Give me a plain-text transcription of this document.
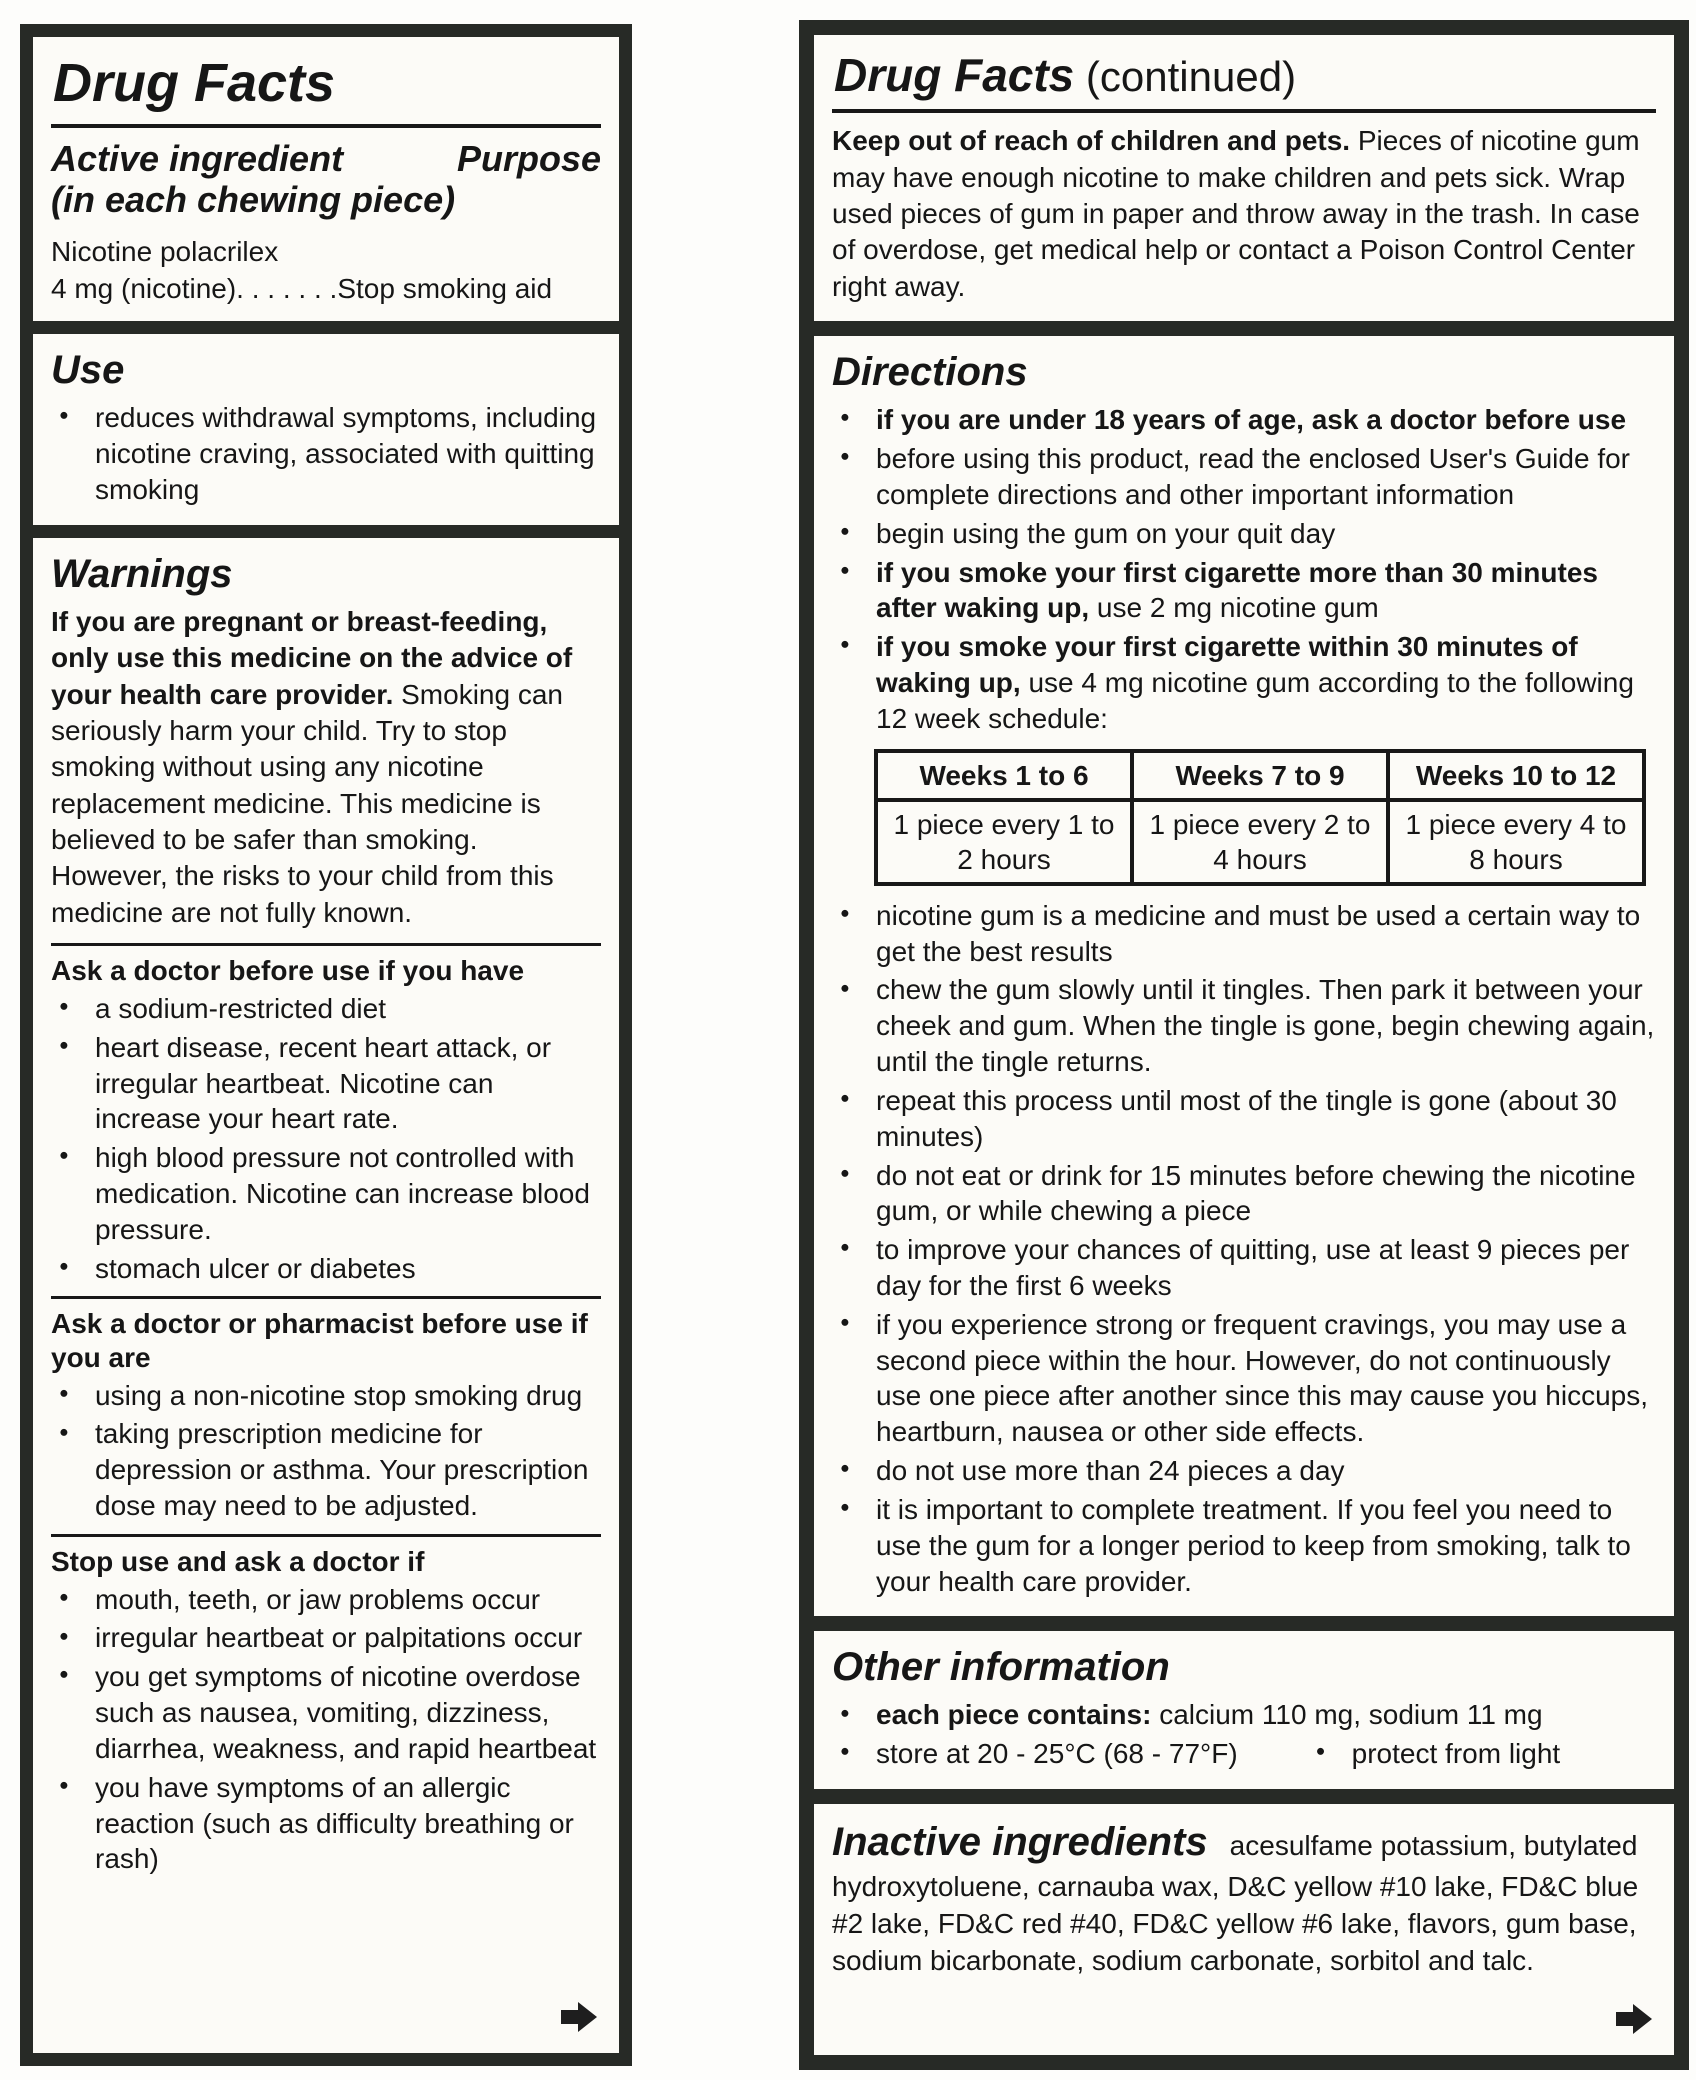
Drug Facts
Active ingredient	Purpose
(in each chewing piece)

Nicotine polacrilex

4 mg (nicotine). . . . . . .Stop smoking aid

Use
● reduces withdrawal symptoms, including nicotine craving, associated with quitting smoking
Warnings

If you are pregnant or breast-feeding, only use this medicine on the advice of your health care provider. Smoking can seriously harm your child. Try to stop smoking without using any nicotine replacement medicine. This medicine is believed to be safer than smoking. However, the risks to your child from this medicine are not fully known.

Ask a doctor before use if you have
● a sodium-restricted diet
● heart disease, recent heart attack, or irregular heartbeat. Nicotine can increase your heart rate.
● high blood pressure not controlled with medication. Nicotine can increase blood pressure.
● stomach ulcer or diabetes
Ask a doctor or pharmacist before use if you are
● using a non-nicotine stop smoking drug
● taking prescription medicine for depression or asthma. Your prescription dose may need to be adjusted.
Stop use and ask a doctor if
● mouth, teeth, or jaw problems occur
● irregular heartbeat or palpitations occur
● you get symptoms of nicotine overdose such as nausea, vomiting, dizziness, diarrhea, weakness, and rapid heartbeat
● you have symptoms of an allergic reaction (such as difficulty breathing or rash)
Drug Facts (continued)

Keep out of reach of children and pets. Pieces of nicotine gum may have enough nicotine to make children and pets sick. Wrap used pieces of gum in paper and throw away in the trash. In case of overdose, get medical help or contact a Poison Control Center right away.

Directions
● if you are under 18 years of age, ask a doctor before use
● before using this product, read the enclosed User's Guide for complete directions and other important information
● begin using the gum on your quit day
● if you smoke your first cigarette more than 30 minutes after waking up, use 2 mg nicotine gum
● if you smoke your first cigarette within 30 minutes of waking up, use 4 mg nicotine gum according to the following 12 week schedule:
Weeks 1 to 6	Weeks 7 to 9	Weeks 10 to 12
1 piece every 1 to 2 hours	1 piece every 2 to 4 hours	1 piece every 4 to 8 hours
● nicotine gum is a medicine and must be used a certain way to get the best results
● chew the gum slowly until it tingles. Then park it between your cheek and gum. When the tingle is gone, begin chewing again, until the tingle returns.
● repeat this process until most of the tingle is gone (about 30 minutes)
● do not eat or drink for 15 minutes before chewing the nicotine gum, or while chewing a piece
● to improve your chances of quitting, use at least 9 pieces per day for the first 6 weeks
● if you experience strong or frequent cravings, you may use a second piece within the hour. However, do not continuously use one piece after another since this may cause you hiccups, heartburn, nausea or other side effects.
● do not use more than 24 pieces a day
● it is important to complete treatment. If you feel you need to use the gum for a longer period to keep from smoking, talk to your health care provider.
Other information
● each piece contains: calcium 110 mg, sodium 11 mg
● store at 20 - 25°C (68 - 77°F)	● protect from light

Inactive ingredients acesulfame potassium, butylated hydroxytoluene, carnauba wax, D&C yellow #10 lake, FD&C blue #2 lake, FD&C red #40, FD&C yellow #6 lake, flavors, gum base, sodium bicarbonate, sodium carbonate, sorbitol and talc.
